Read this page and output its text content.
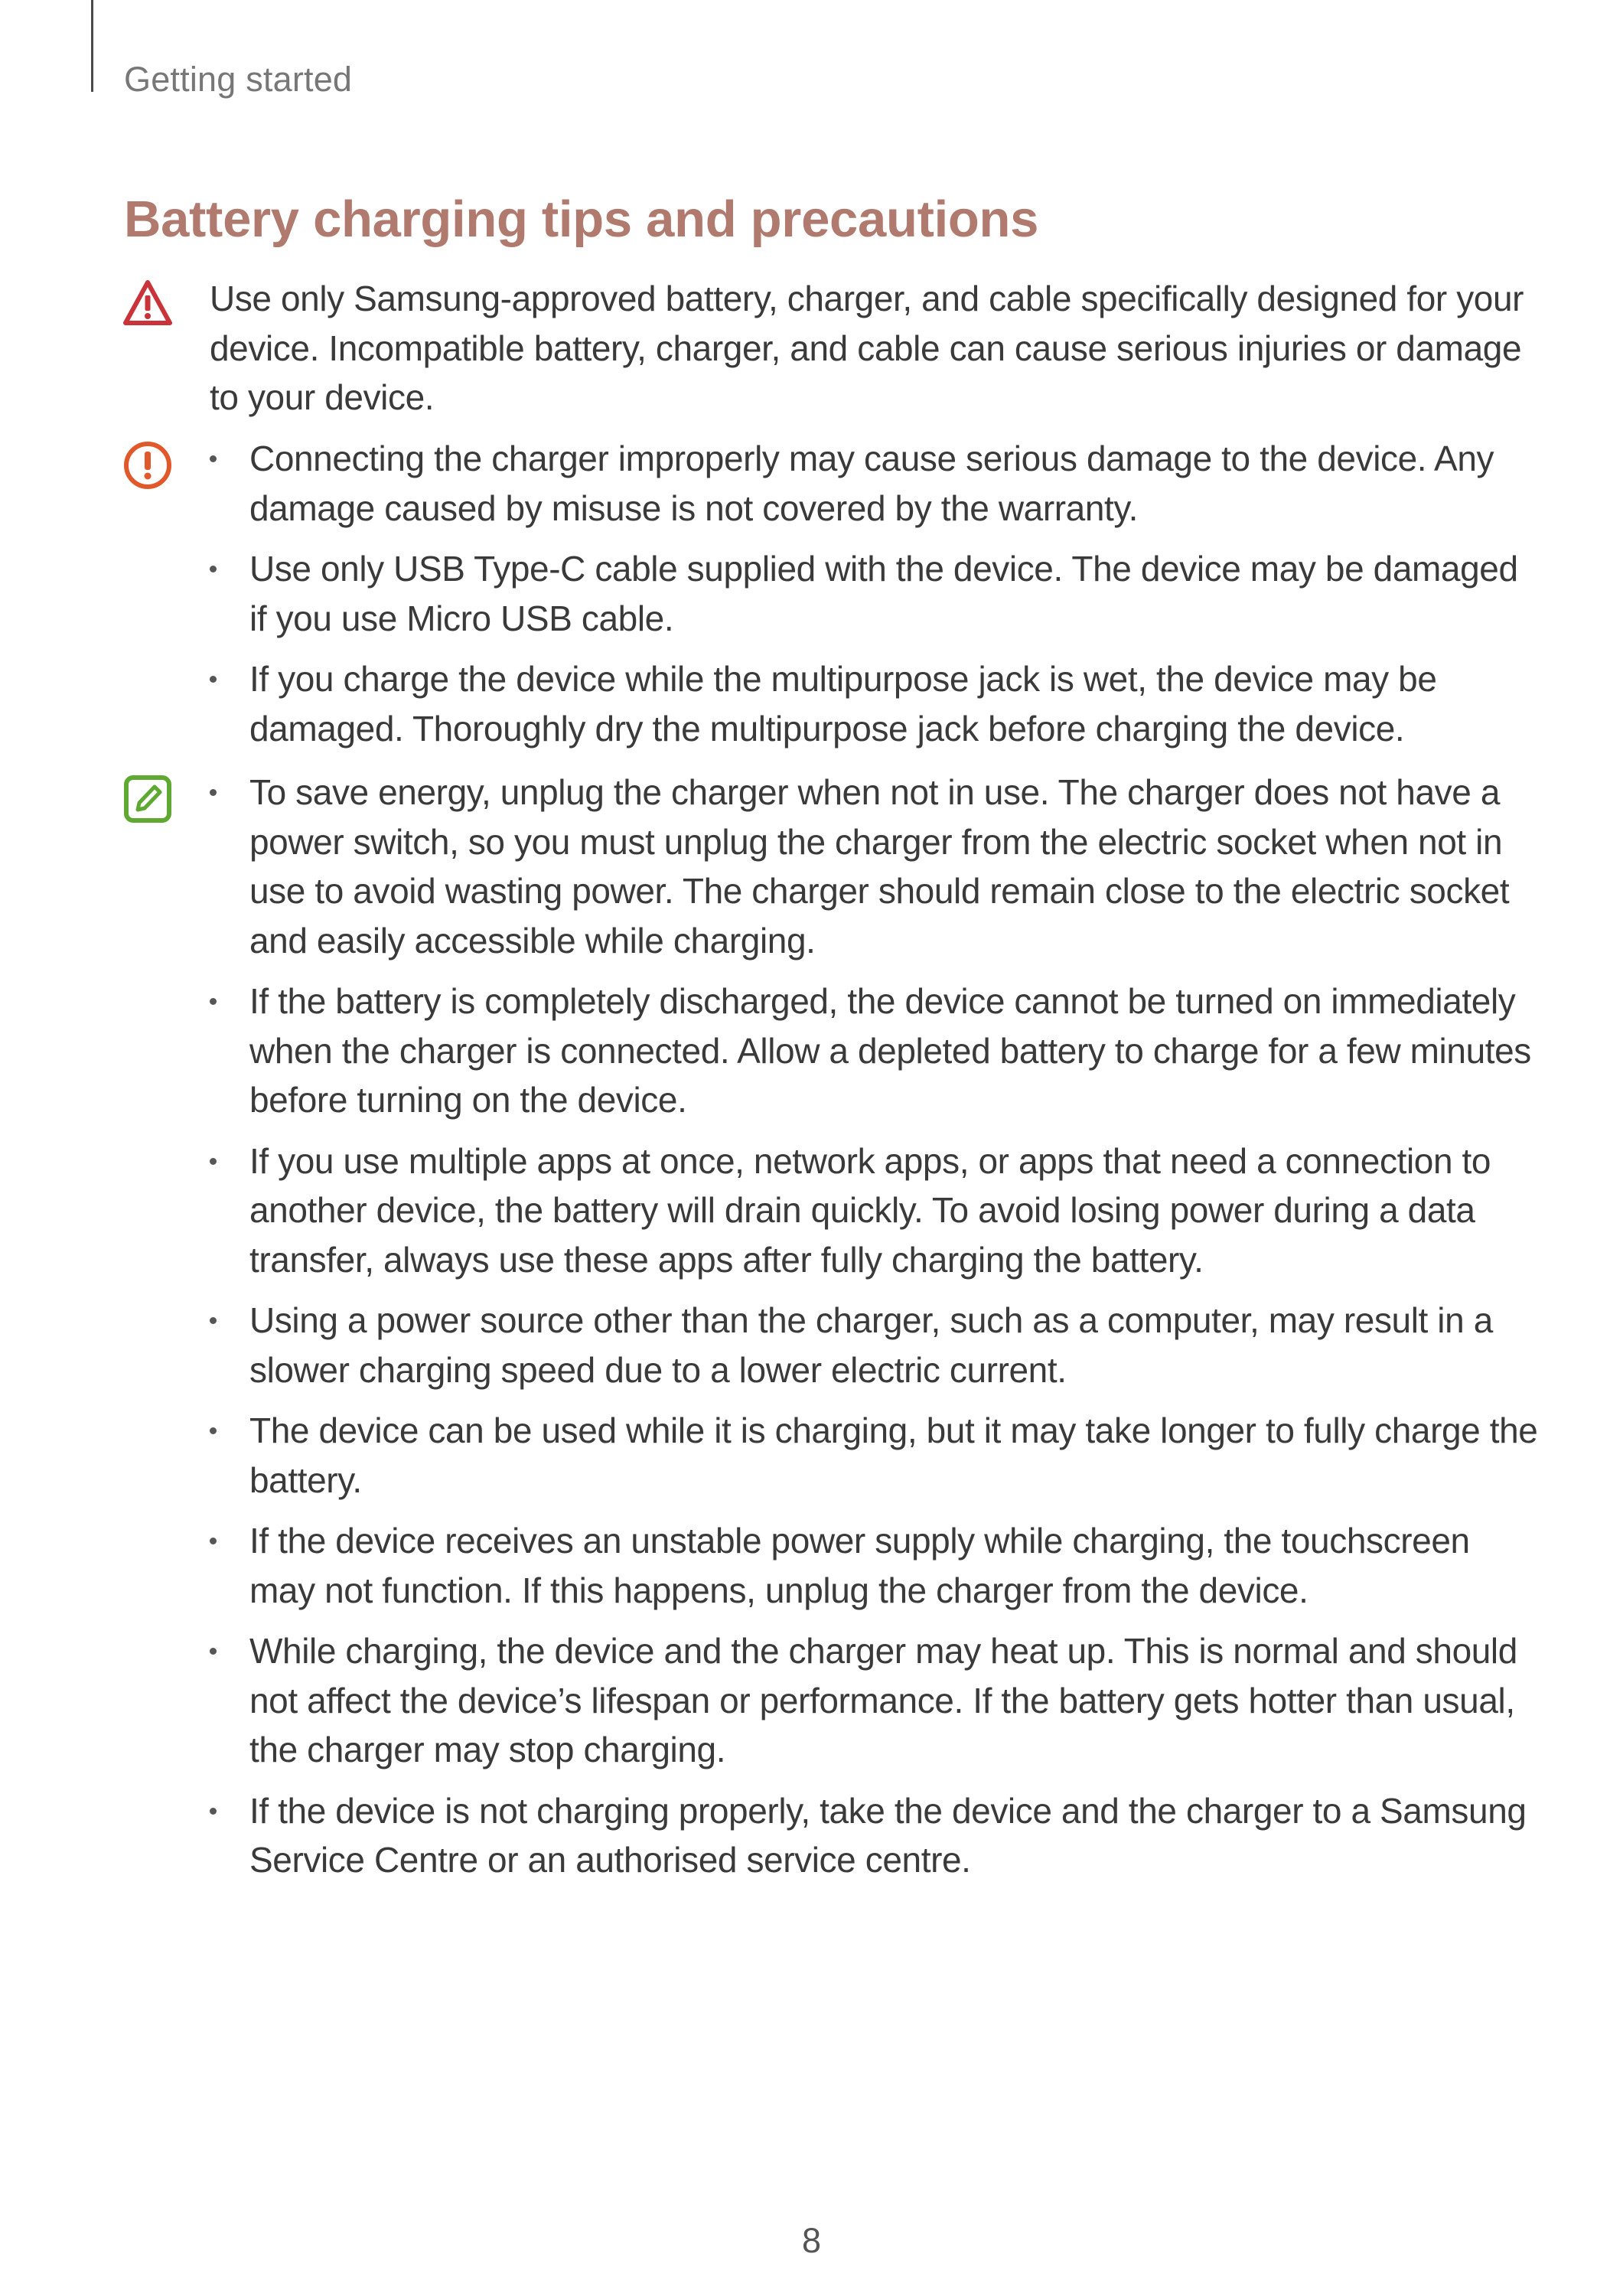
Getting started
Battery charging tips and precautions

Use only Samsung-approved battery, charger, and cable specifically designed for your device. Incompatible battery, charger, and cable can cause serious injuries or damage to your device.

Connecting the charger improperly may cause serious damage to the device. Any damage caused by misuse is not covered by the warranty.
Use only USB Type-C cable supplied with the device. The device may be damaged if you use Micro USB cable.
If you charge the device while the multipurpose jack is wet, the device may be damaged. Thoroughly dry the multipurpose jack before charging the device.
To save energy, unplug the charger when not in use. The charger does not have a power switch, so you must unplug the charger from the electric socket when not in use to avoid wasting power. The charger should remain close to the electric socket and easily accessible while charging.
If the battery is completely discharged, the device cannot be turned on immediately when the charger is connected. Allow a depleted battery to charge for a few minutes before turning on the device.
If you use multiple apps at once, network apps, or apps that need a connection to another device, the battery will drain quickly. To avoid losing power during a data transfer, always use these apps after fully charging the battery.
Using a power source other than the charger, such as a computer, may result in a slower charging speed due to a lower electric current.
The device can be used while it is charging, but it may take longer to fully charge the battery.
If the device receives an unstable power supply while charging, the touchscreen may not function. If this happens, unplug the charger from the device.
While charging, the device and the charger may heat up. This is normal and should not affect the device’s lifespan or performance. If the battery gets hotter than usual, the charger may stop charging.
If the device is not charging properly, take the device and the charger to a Samsung Service Centre or an authorised service centre.
8
